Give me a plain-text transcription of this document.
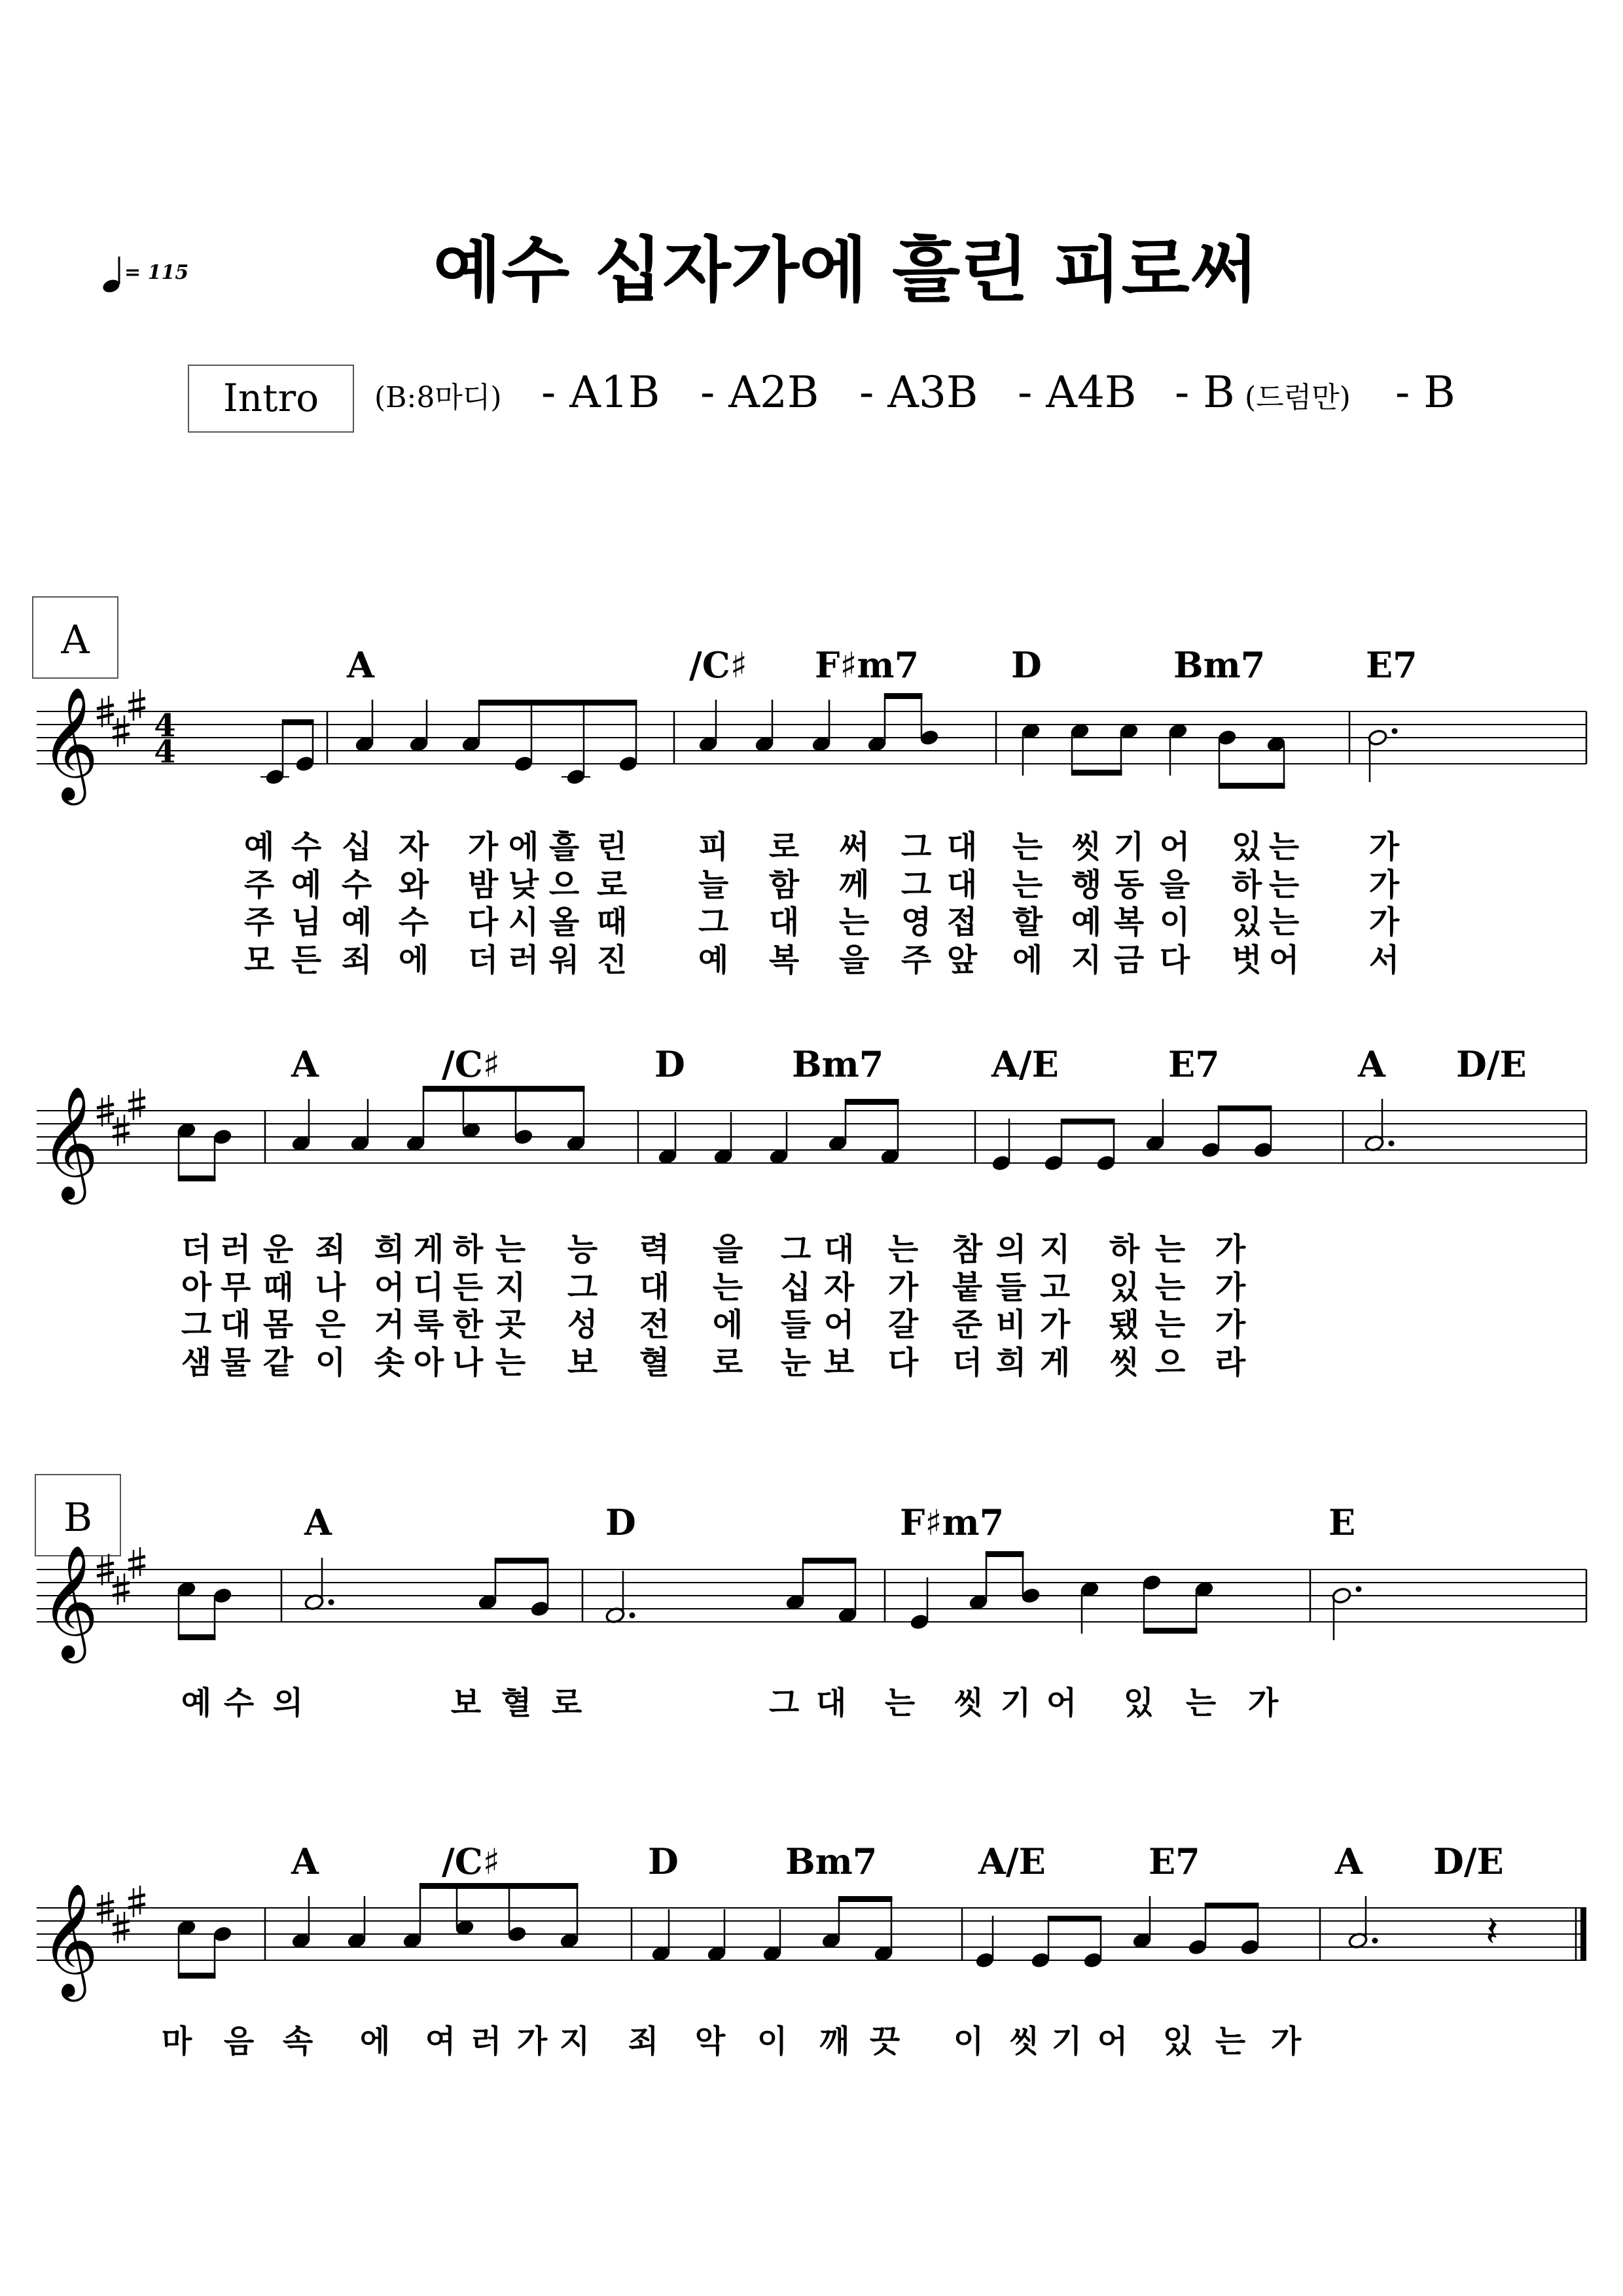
= 115	예수 십자가에 흘린 피로써
Intro (B:8마디) - A1B - A2B - A3B - A4B - B (드럼만) - B
A
B
𝄞 4
4
𝄞
𝄞
𝄞	𝄽
A	/C♯ F♯m7	D	Bm7	E7
A	/C♯	D	Bm7	A/E	E7	A D/E
A	D	F♯m7	E
A	/C♯	D	Bm7	A/E	E7	A D/E
예 수 십 자 가 에 흘 린 피 로 써 그 대 는 씻 기 어 있 는 가
주 예 수 와 밤 낮 으 로 늘 함 께 그 대 는 행 동 을 하 는 가
주 님 예 수 다 시 올 때 그 대 는 영 접 할 예 복 이 있 는 가
모 든 죄 에 더 러 워 진 예 복 을 주 앞 에 지 금 다 벗 어 서
더 러 운 죄 희 게 하 는 능 력 을 그 대 는 참 의 지 하 는 가
아 무 때 나 어 디 든 지 그 대 는 십 자 가 붙 들 고 있 는 가
그 대 몸 은 거 룩 한 곳 성 전 에 들 어 갈 준 비 가 됐 는 가
샘 물 같 이 솟 아 나 는 보 혈 로 눈 보 다 더 희 게 씻 으 라
예 수 의	보 혈 로	그 대 는 씻 기 어 있 는 가
마 음 속 에 여 러 가 지 죄 악 이 깨 끗 이 씻 기 어 있 는 가
